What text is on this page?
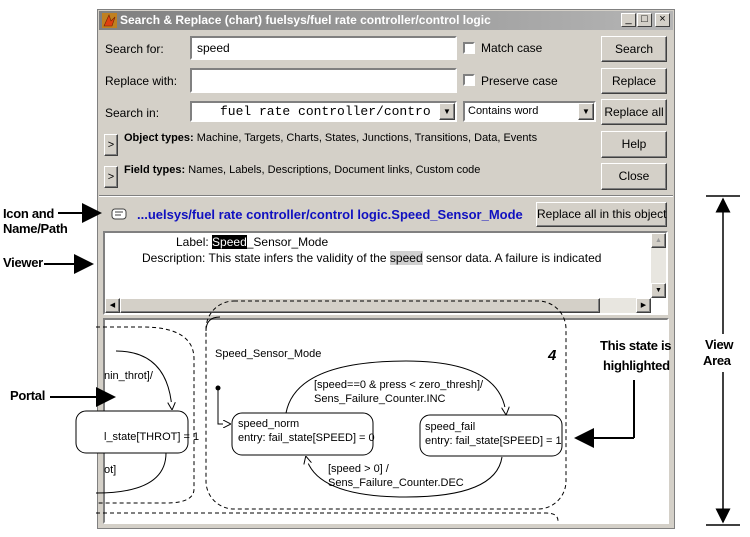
Search & Replace (chart) fuelsys/fuel rate controller/control logic	_ □	×
Search for:	speed	Match case	Search
Replace with:	Preserve case	Replace
Search in:	fuel rate controller/contro	▼	Contains word	▼	Replace all
>
Object types: Machine, Targets, Charts, States, Junctions, Transitions, Data, Events	Help
>
Field types: Names, Labels, Descriptions, Document links, Custom code	Close
...uelsys/fuel rate controller/control logic.Speed_Sensor_Mode Replace all in this object
Label: Speed_Sensor_Mode
Description: This state infers the validity of the speed sensor data. A failure is indicated
▲
▼
◀	▶
nin_throt]/
l_state[THROT] = 1
ot]
Speed_Sensor_Mode	4
[speed==0 & press < zero_thresh]/
Sens_Failure_Counter.INC
speed_norm
entry: fail_state[SPEED] = 0
speed_fail
entry: fail_state[SPEED] = 1
[speed > 0] /
Sens_Failure_Counter.DEC
Icon and
Name/Path
Viewer
Portal
This state is
highlighted
View
Area
